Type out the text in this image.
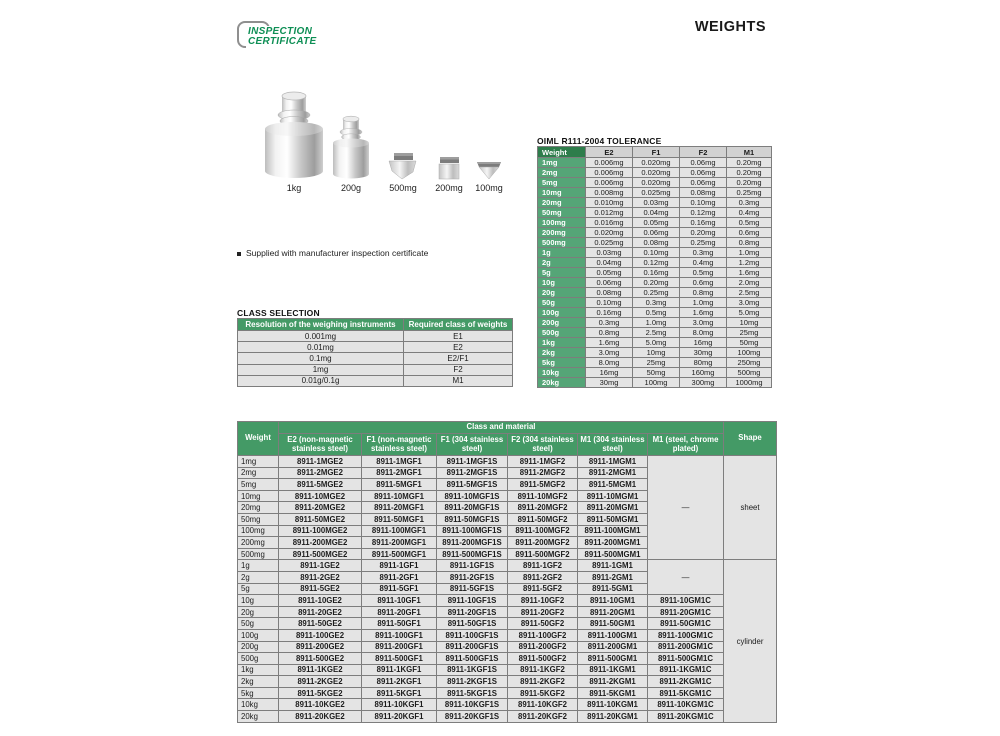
INSPECTION
CERTIFICATE
WEIGHTS
1kg	200g	500mg 200mg 100mg
Supplied with manufacturer inspection certificate
OIML R111-2004 TOLERANCE
Weight	E2	F1	F2	M1
1mg	0.006mg	0.020mg	0.06mg	0.20mg
2mg	0.006mg	0.020mg	0.06mg	0.20mg
5mg	0.006mg	0.020mg	0.06mg	0.20mg
10mg	0.008mg	0.025mg	0.08mg	0.25mg
20mg	0.010mg	0.03mg	0.10mg	0.3mg
50mg	0.012mg	0.04mg	0.12mg	0.4mg
100mg	0.016mg	0.05mg	0.16mg	0.5mg
200mg	0.020mg	0.06mg	0.20mg	0.6mg
500mg	0.025mg	0.08mg	0.25mg	0.8mg
1g	0.03mg	0.10mg	0.3mg	1.0mg
2g	0.04mg	0.12mg	0.4mg	1.2mg
5g	0.05mg	0.16mg	0.5mg	1.6mg
10g	0.06mg	0.20mg	0.6mg	2.0mg
20g	0.08mg	0.25mg	0.8mg	2.5mg
50g	0.10mg	0.3mg	1.0mg	3.0mg
100g	0.16mg	0.5mg	1.6mg	5.0mg
200g	0.3mg	1.0mg	3.0mg	10mg
500g	0.8mg	2.5mg	8.0mg	25mg
1kg	1.6mg	5.0mg	16mg	50mg
2kg	3.0mg	10mg	30mg	100mg
5kg	8.0mg	25mg	80mg	250mg
10kg	16mg	50mg	160mg	500mg
20kg	30mg	100mg	300mg	1000mg
CLASS SELECTION
Resolution of the weighing instruments	Required class of weights
0.001mg	E1
0.01mg	E2
0.1mg	E2/F1
1mg	F2
0.01g/0.1g	M1
Weight	Class and material						Shape
	E2 (non-magnetic stainless steel)	F1 (non-magnetic stainless steel)	F1 (304 stainless steel)	F2 (304 stainless steel)	M1 (304 stainless steel)	M1 (steel, chrome plated)	
1mg	8911-1MGE2	8911-1MGF1	8911-1MGF1S	8911-1MGF2	8911-1MGM1	—	sheet
2mg	8911-2MGE2	8911-2MGF1	8911-2MGF1S	8911-2MGF2	8911-2MGM1		
5mg	8911-5MGE2	8911-5MGF1	8911-5MGF1S	8911-5MGF2	8911-5MGM1		
10mg	8911-10MGE2	8911-10MGF1	8911-10MGF1S	8911-10MGF2	8911-10MGM1		
20mg	8911-20MGE2	8911-20MGF1	8911-20MGF1S	8911-20MGF2	8911-20MGM1		
50mg	8911-50MGE2	8911-50MGF1	8911-50MGF1S	8911-50MGF2	8911-50MGM1		
100mg	8911-100MGE2	8911-100MGF1	8911-100MGF1S	8911-100MGF2	8911-100MGM1		
200mg	8911-200MGE2	8911-200MGF1	8911-200MGF1S	8911-200MGF2	8911-200MGM1		
500mg	8911-500MGE2	8911-500MGF1	8911-500MGF1S	8911-500MGF2	8911-500MGM1		
1g	8911-1GE2	8911-1GF1	8911-1GF1S	8911-1GF2	8911-1GM1	—	cylinder
2g	8911-2GE2	8911-2GF1	8911-2GF1S	8911-2GF2	8911-2GM1		
5g	8911-5GE2	8911-5GF1	8911-5GF1S	8911-5GF2	8911-5GM1		
10g	8911-10GE2	8911-10GF1	8911-10GF1S	8911-10GF2	8911-10GM1	8911-10GM1C	
20g	8911-20GE2	8911-20GF1	8911-20GF1S	8911-20GF2	8911-20GM1	8911-20GM1C	
50g	8911-50GE2	8911-50GF1	8911-50GF1S	8911-50GF2	8911-50GM1	8911-50GM1C	
100g	8911-100GE2	8911-100GF1	8911-100GF1S	8911-100GF2	8911-100GM1	8911-100GM1C	
200g	8911-200GE2	8911-200GF1	8911-200GF1S	8911-200GF2	8911-200GM1	8911-200GM1C	
500g	8911-500GE2	8911-500GF1	8911-500GF1S	8911-500GF2	8911-500GM1	8911-500GM1C	
1kg	8911-1KGE2	8911-1KGF1	8911-1KGF1S	8911-1KGF2	8911-1KGM1	8911-1KGM1C	
2kg	8911-2KGE2	8911-2KGF1	8911-2KGF1S	8911-2KGF2	8911-2KGM1	8911-2KGM1C	
5kg	8911-5KGE2	8911-5KGF1	8911-5KGF1S	8911-5KGF2	8911-5KGM1	8911-5KGM1C	
10kg	8911-10KGE2	8911-10KGF1	8911-10KGF1S	8911-10KGF2	8911-10KGM1	8911-10KGM1C	
20kg	8911-20KGE2	8911-20KGF1	8911-20KGF1S	8911-20KGF2	8911-20KGM1	8911-20KGM1C	
